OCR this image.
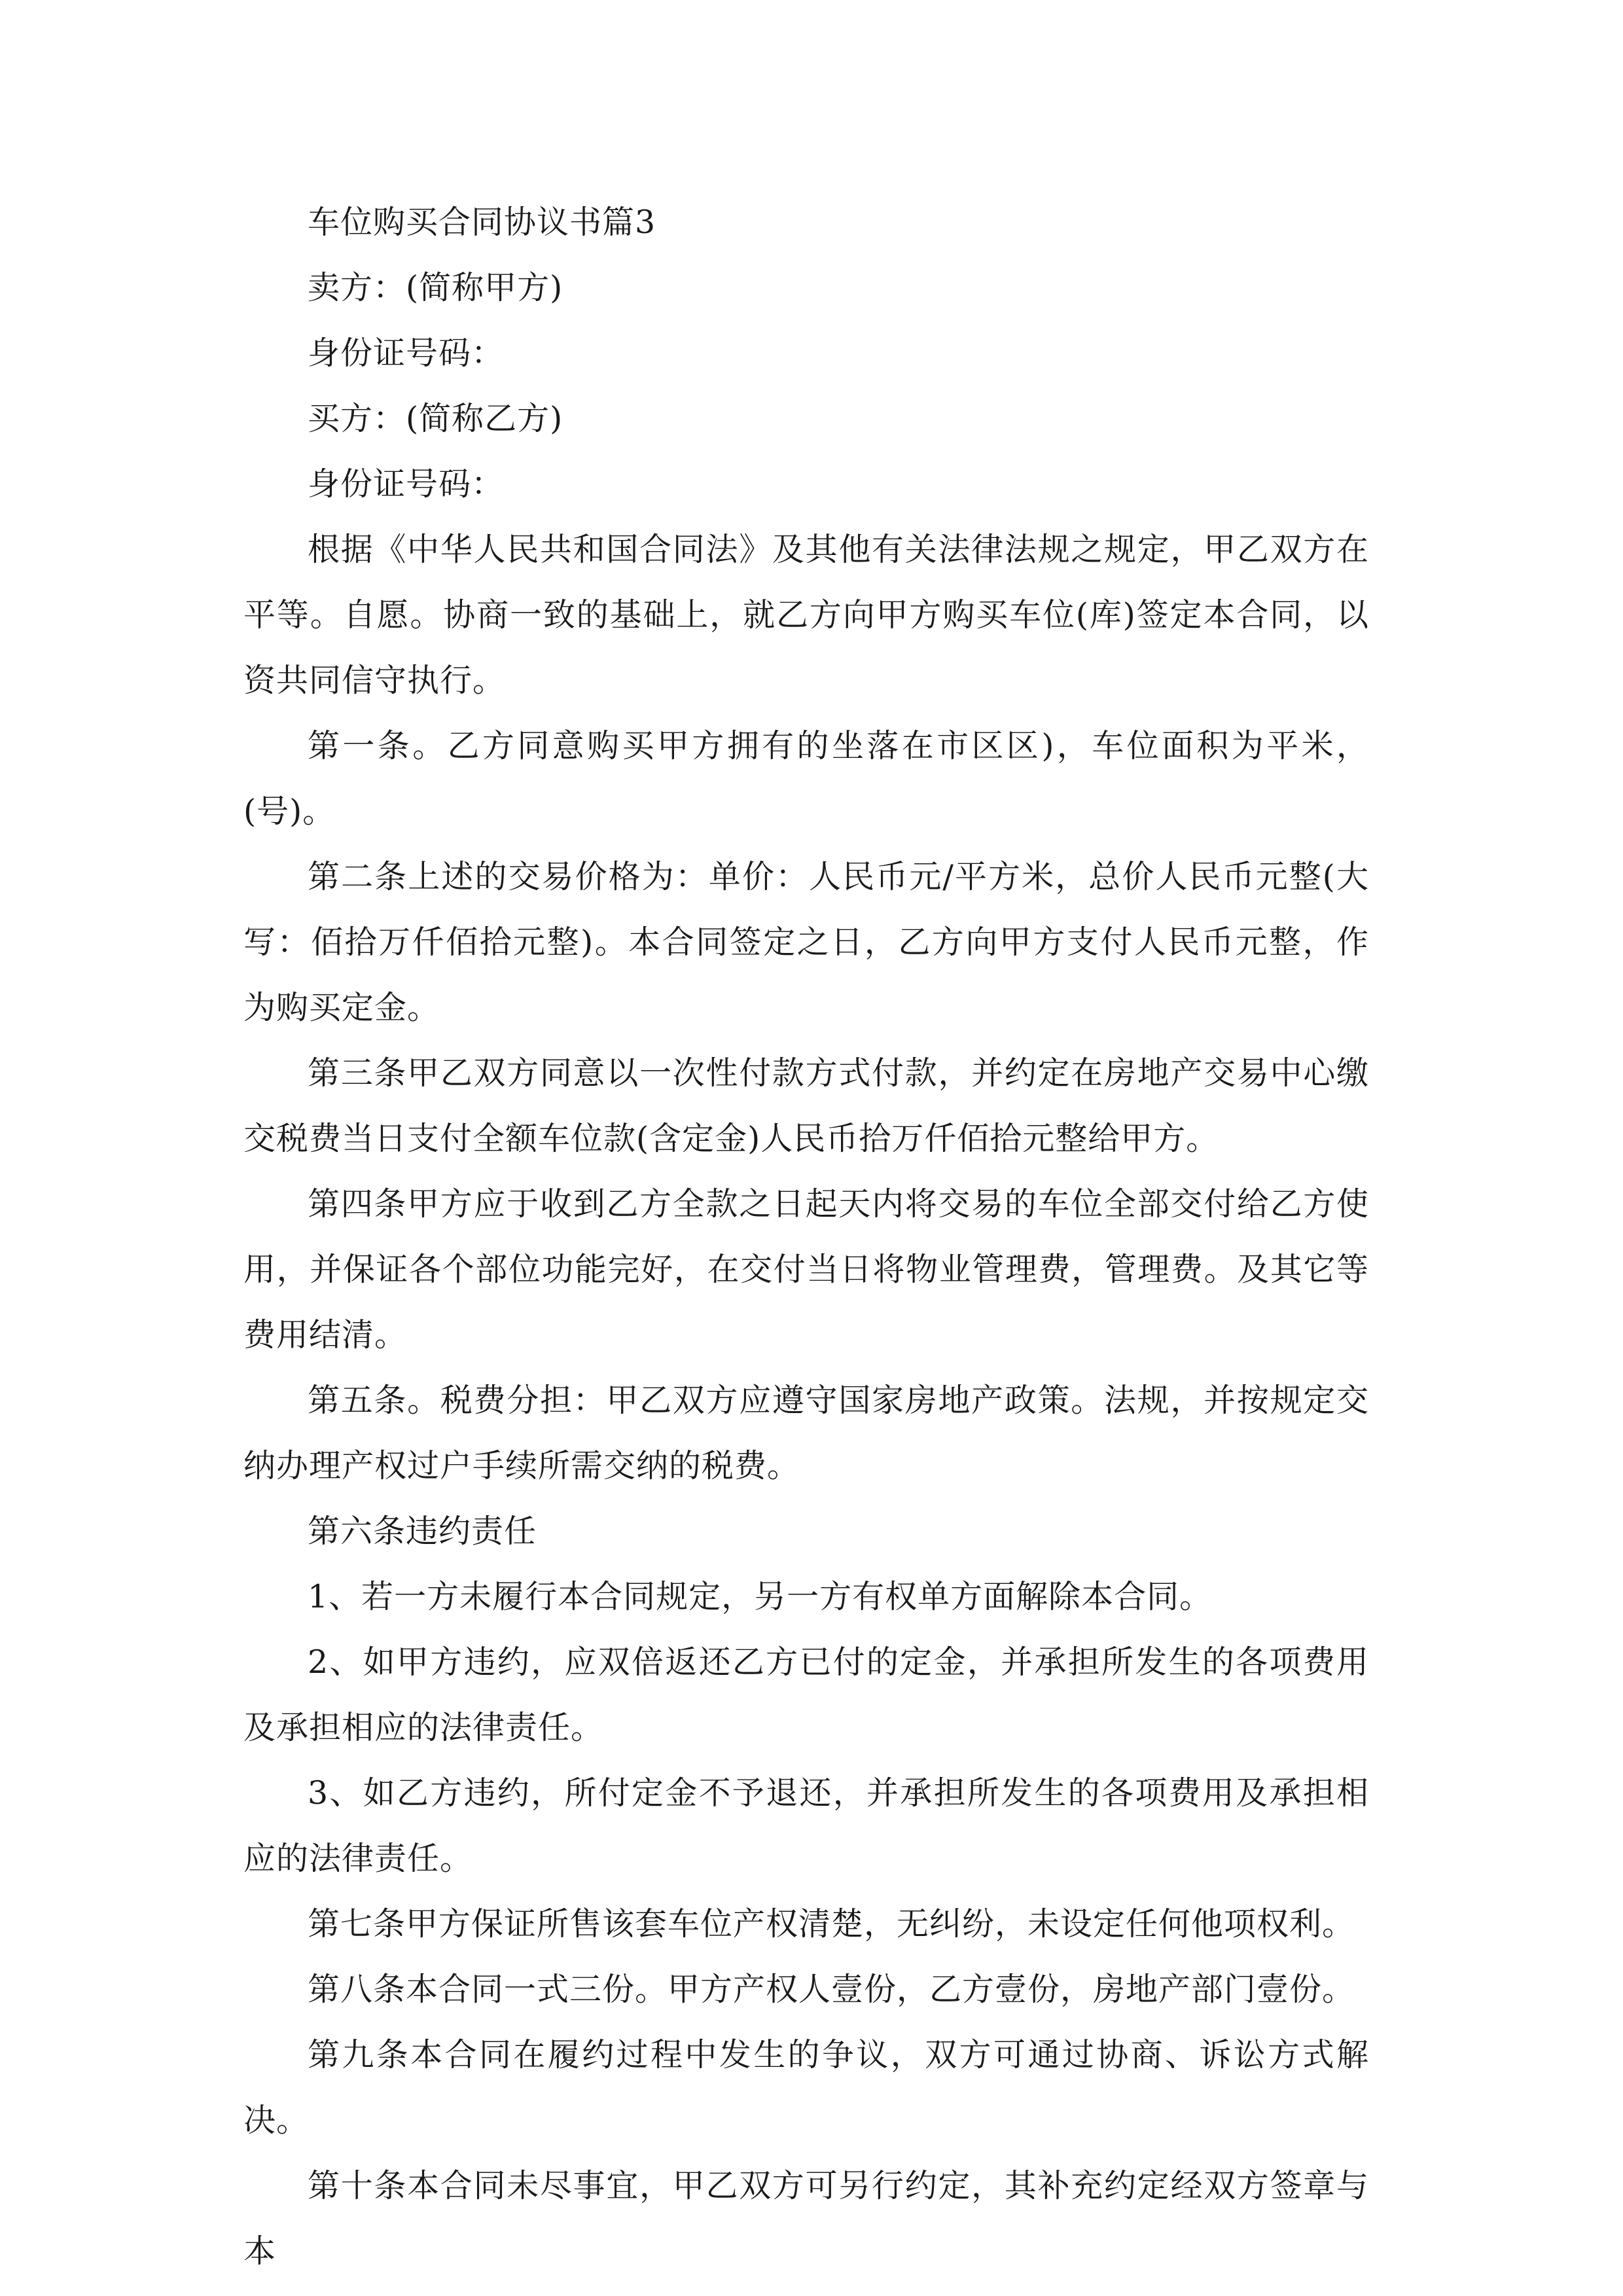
车位购买合同协议书篇3

卖方：(简称甲方)

身份证号码：

买方：(简称乙方)

身份证号码：

根据《中华人民共和国合同法》及其他有关法律法规之规定，甲乙双方在平等。自愿。协商一致的基础上，就乙方向甲方购买车位(库)签定本合同，以资共同信守执行。

第一条。乙方同意购买甲方拥有的坐落在市区区)，车位面积为平米，(号)。

第二条上述的交易价格为：单价：人民币元/平方米，总价人民币元整(大写：佰拾万仟佰拾元整)。本合同签定之日，乙方向甲方支付人民币元整，作为购买定金。

第三条甲乙双方同意以一次性付款方式付款，并约定在房地产交易中心缴交税费当日支付全额车位款(含定金)人民币拾万仟佰拾元整给甲方。

第四条甲方应于收到乙方全款之日起天内将交易的车位全部交付给乙方使用，并保证各个部位功能完好，在交付当日将物业管理费，管理费。及其它等费用结清。

第五条。税费分担：甲乙双方应遵守国家房地产政策。法规，并按规定交纳办理产权过户手续所需交纳的税费。

第六条违约责任

1、若一方未履行本合同规定，另一方有权单方面解除本合同。

2、如甲方违约，应双倍返还乙方已付的定金，并承担所发生的各项费用及承担相应的法律责任。

3、如乙方违约，所付定金不予退还，并承担所发生的各项费用及承担相应的法律责任。

第七条甲方保证所售该套车位产权清楚，无纠纷，未设定任何他项权利。

第八条本合同一式三份。甲方产权人壹份，乙方壹份，房地产部门壹份。

第九条本合同在履约过程中发生的争议，双方可通过协商、诉讼方式解决。

第十条本合同未尽事宜，甲乙双方可另行约定，其补充约定经双方签章与本
